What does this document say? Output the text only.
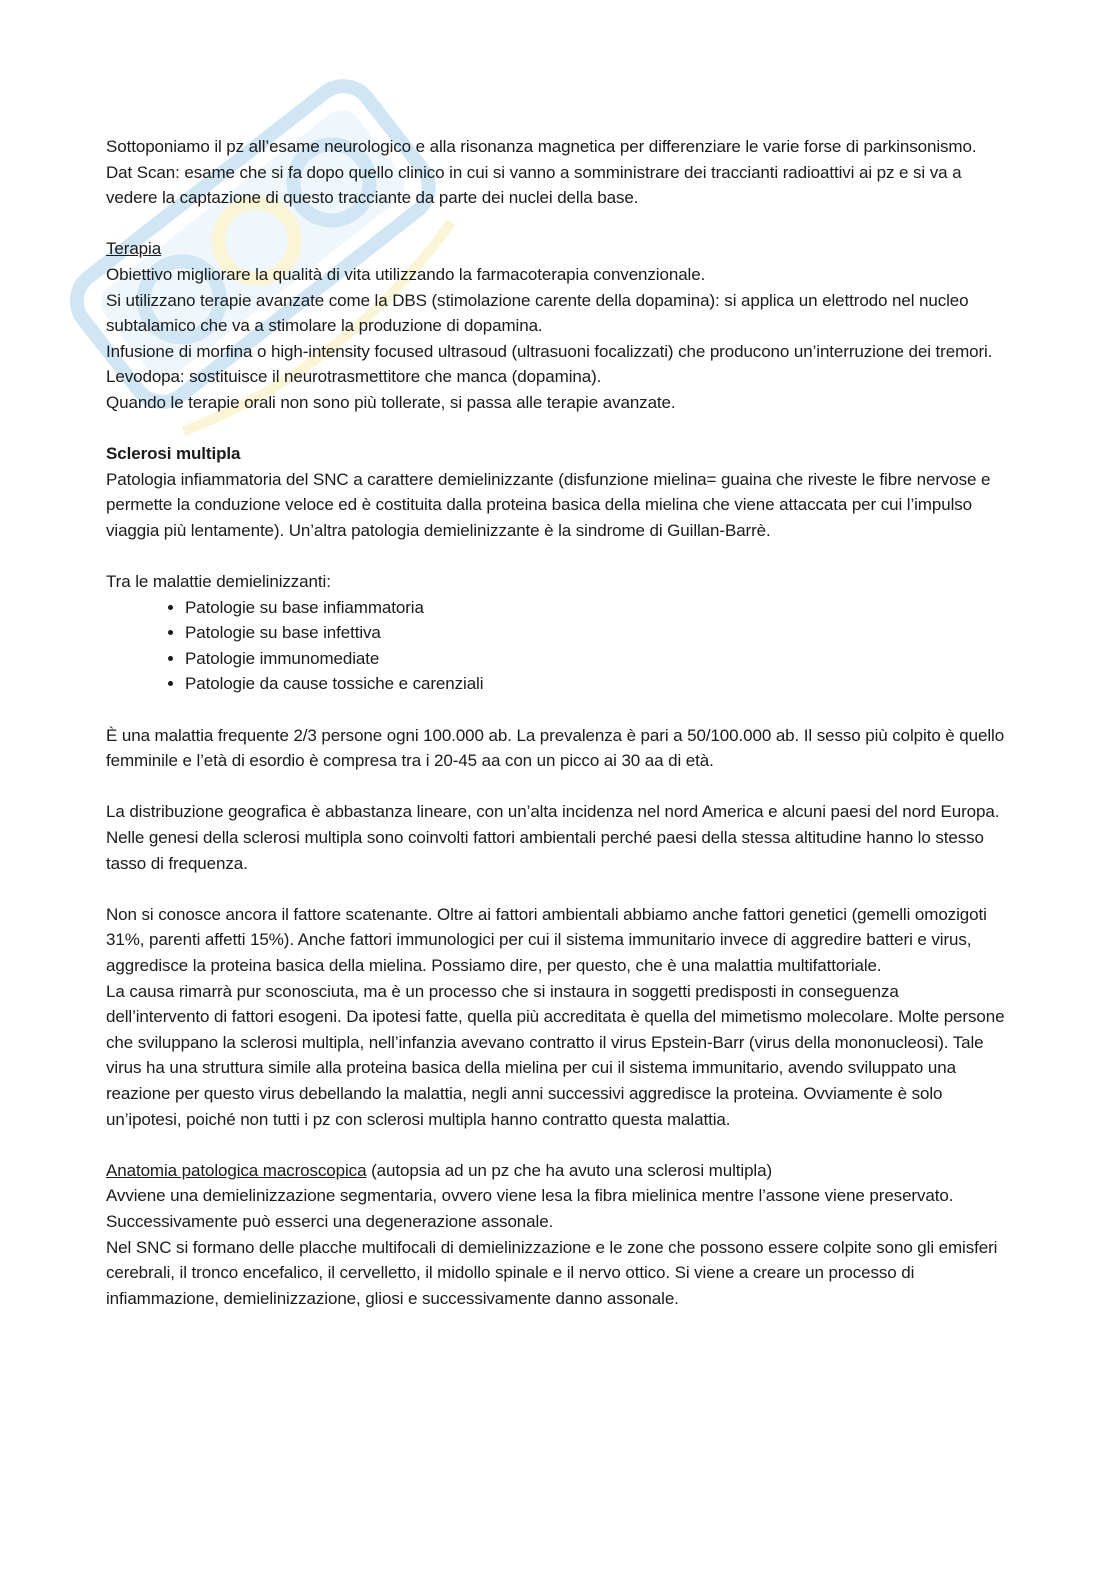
Sottoponiamo il pz all’esame neurologico e alla risonanza magnetica per differenziare le varie forse di parkinsonismo.

Dat Scan: esame che si fa dopo quello clinico in cui si vanno a somministrare dei traccianti radioattivi ai pz e si va a vedere la captazione di questo tracciante da parte dei nuclei della base.

Terapia

Obiettivo migliorare la qualità di vita utilizzando la farmacoterapia convenzionale.

Si utilizzano terapie avanzate come la DBS (stimolazione carente della dopamina): si applica un elettrodo nel nucleo subtalamico che va a stimolare la produzione di dopamina.

Infusione di morfina o high-intensity focused ultrasoud (ultrasuoni focalizzati) che producono un’interruzione dei tremori.

Levodopa: sostituisce il neurotrasmettitore che manca (dopamina).

Quando le terapie orali non sono più tollerate, si passa alle terapie avanzate.

Sclerosi multipla

Patologia infiammatoria del SNC a carattere demielinizzante (disfunzione mielina= guaina che riveste le fibre nervose e permette la conduzione veloce ed è costituita dalla proteina basica della mielina che viene attaccata per cui l’impulso viaggia più lentamente). Un’altra patologia demielinizzante è la sindrome di Guillan-Barrè.

Tra le malattie demielinizzanti:

• Patologie su base infiammatoria
• Patologie su base infettiva
• Patologie immunomediate
• Patologie da cause tossiche e carenziali

È una malattia frequente 2/3 persone ogni 100.000 ab. La prevalenza è pari a 50/100.000 ab. Il sesso più colpito è quello femminile e l’età di esordio è compresa tra i 20-45 aa con un picco ai 30 aa di età.

La distribuzione geografica è abbastanza lineare, con un’alta incidenza nel nord America e alcuni paesi del nord Europa. Nelle genesi della sclerosi multipla sono coinvolti fattori ambientali perché paesi della stessa altitudine hanno lo stesso tasso di frequenza.

Non si conosce ancora il fattore scatenante. Oltre ai fattori ambientali abbiamo anche fattori genetici (gemelli omozigoti 31%, parenti affetti 15%). Anche fattori immunologici per cui il sistema immunitario invece di aggredire batteri e virus, aggredisce la proteina basica della mielina. Possiamo dire, per questo, che è una malattia multifattoriale.

La causa rimarrà pur sconosciuta, ma è un processo che si instaura in soggetti predisposti in conseguenza dell’intervento di fattori esogeni. Da ipotesi fatte, quella più accreditata è quella del mimetismo molecolare. Molte persone che sviluppano la sclerosi multipla, nell’infanzia avevano contratto il virus Epstein-Barr (virus della mononucleosi). Tale virus ha una struttura simile alla proteina basica della mielina per cui il sistema immunitario, avendo sviluppato una reazione per questo virus debellando la malattia, negli anni successivi aggredisce la proteina. Ovviamente è solo un’ipotesi, poiché non tutti i pz con sclerosi multipla hanno contratto questa malattia.

Anatomia patologica macroscopica (autopsia ad un pz che ha avuto una sclerosi multipla)

Avviene una demielinizzazione segmentaria, ovvero viene lesa la fibra mielinica mentre l’assone viene preservato. Successivamente può esserci una degenerazione assonale.

Nel SNC si formano delle placche multifocali di demielinizzazione e le zone che possono essere colpite sono gli emisferi cerebrali, il tronco encefalico, il cervelletto, il midollo spinale e il nervo ottico. Si viene a creare un processo di infiammazione, demielinizzazione, gliosi e successivamente danno assonale.
